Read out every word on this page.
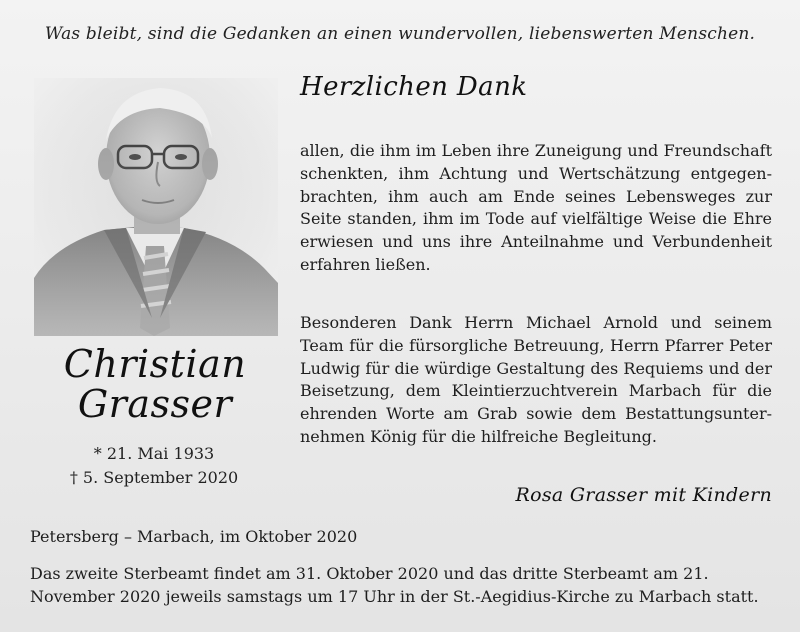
Was bleibt, sind die Gedanken an einen wundervollen, liebenswerten Menschen.
Christian
Grasser
* 21. Mai 1933
† 5. September 2020
Herzlichen Dank
allen, die ihm im Leben ihre Zuneigung und Freundschaft schenkten, ihm Achtung und Wertschätzung entgegenbrachten, ihm auch am Ende seines Lebensweges zur Seite standen, ihm im Tode auf vielfältige Weise die Ehre erwiesen und uns ihre Anteilnahme und Verbundenheit erfahren ließen.
Besonderen Dank Herrn Michael Arnold und seinem Team für die fürsorgliche Betreuung, Herrn Pfarrer Peter Ludwig für die würdige Gestaltung des Requiems und der Beisetzung, dem Kleintierzuchtverein Marbach für die ehrenden Worte am Grab sowie dem Bestattungsunternehmen König für die hilfreiche Begleitung.
Rosa Grasser mit Kindern
Petersberg – Marbach, im Oktober 2020
Das zweite Sterbeamt findet am 31. Oktober 2020 und das dritte Sterbeamt am 21. November 2020 jeweils samstags um 17 Uhr in der St.-Aegidius-Kirche zu Marbach statt.
